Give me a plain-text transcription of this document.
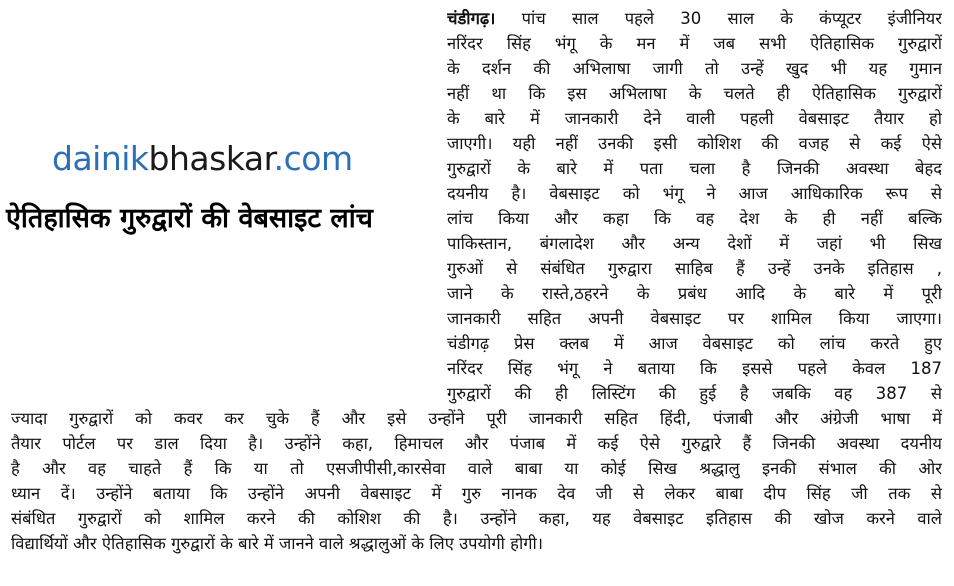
dainikbhaskar.com
ऐतिहासिक गुरुद्वारों की वेबसाइट लांच
चंडीगढ़। पांच साल पहले 30 साल के कंप्यूटर इंजीनियर
नरिंदर सिंह भंगू के मन में जब सभी ऐतिहासिक गुरुद्वारों
के दर्शन की अभिलाषा जागी तो उन्हें खुद भी यह गुमान
नहीं था कि इस अभिलाषा के चलते ही ऐतिहासिक गुरुद्वारों
के बारे में जानकारी देने वाली पहली वेबसाइट तैयार हो
जाएगी। यही नहीं उनकी इसी कोशिश की वजह से कई ऐसे
गुरुद्वारों के बारे में पता चला है जिनकी अवस्था बेहद
दयनीय है। वेबसाइट को भंगू ने आज आधिकारिक रूप से
लांच किया और कहा कि वह देश के ही नहीं बल्कि
पाकिस्तान, बंगलादेश और अन्य देशों में जहां भी सिख
गुरुओं से संबंधित गुरुद्वारा साहिब हैं उन्हें उनके इतिहास ,
जाने के रास्ते,ठहरने के प्रबंध आदि के बारे में पूरी
जानकारी सहित अपनी वेबसाइट पर शामिल किया जाएगा।
चंडीगढ़ प्रेस क्लब में आज वेबसाइट को लांच करते हुए
नरिंदर सिंह भंगू ने बताया कि इससे पहले केवल 187
गुरुद्वारों की ही लिस्टिंग की हुई है जबकि वह 387 से
ज्यादा गुरुद्वारों को कवर कर चुके हैं और इसे उन्होंने पूरी जानकारी सहित हिंदी, पंजाबी और अंग्रेजी भाषा में
तैयार पोर्टल पर डाल दिया है। उन्होंने कहा, हिमाचल और पंजाब में कई ऐसे गुरुद्वारे हैं जिनकी अवस्था दयनीय
है और वह चाहते हैं कि या तो एसजीपीसी,कारसेवा वाले बाबा या कोई सिख श्रद्धालु इनकी संभाल की ओर
ध्यान दें। उन्होंने बताया कि उन्होंने अपनी वेबसाइट में गुरु नानक देव जी से लेकर बाबा दीप सिंह जी तक से
संबंधित गुरुद्वारों को शामिल करने की कोशिश की है। उन्होंने कहा, यह वेबसाइट इतिहास की खोज करने वाले
विद्यार्थियों और ऐतिहासिक गुरुद्वारों के बारे में जानने वाले श्रद्धालुओं के लिए उपयोगी होगी।
